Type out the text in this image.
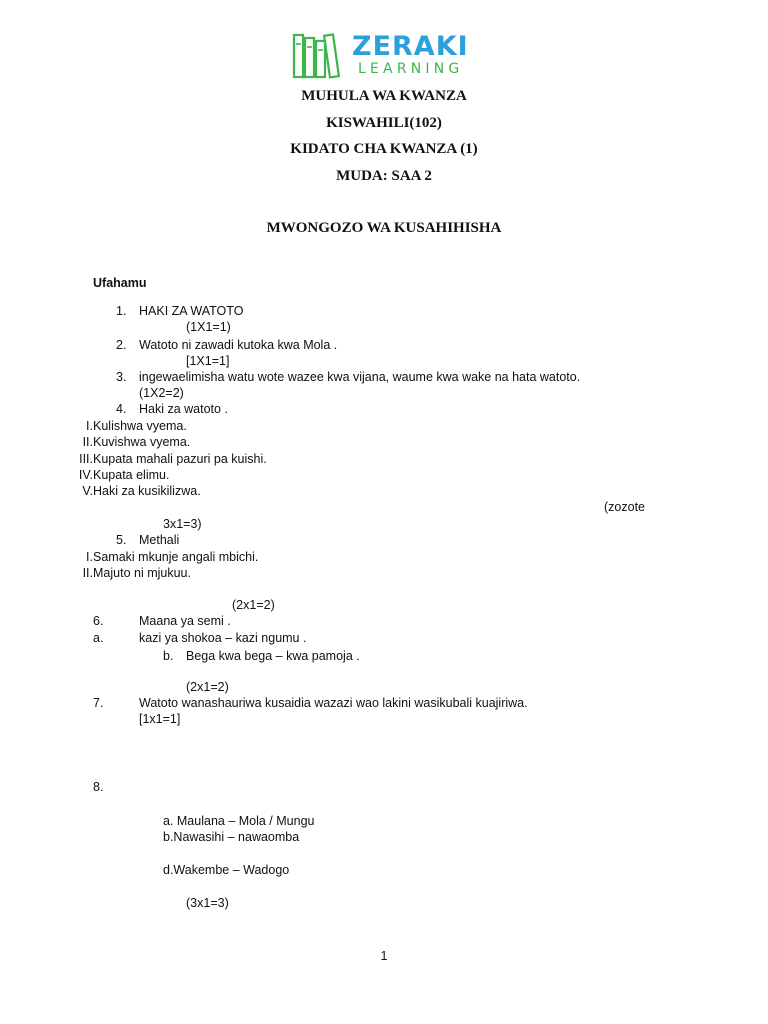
ZERAKI
LEARNING
MUHULA WA KWANZA
KISWAHILI(102)
KIDATO CHA KWANZA (1)
MUDA: SAA 2
MWONGOZO WA KUSAHIHISHA
Ufahamu
1. HAKI ZA WATOTO
(1X1=1)
2. Watoto ni zawadi kutoka kwa Mola .
[1X1=1]
3. ingewaelimisha watu wote wazee kwa vijana, waume kwa wake na hata watoto.
(1X2=2)
4. Haki za watoto .
I. Kulishwa vyema.
II. Kuvishwa vyema.
III. Kupata mahali pazuri pa kuishi.
IV. Kupata elimu.
V. Haki za kusikilizwa.
(zozote
3x1=3)
5. Methali
I. Samaki mkunje angali mbichi.
II. Majuto ni mjukuu.
(2x1=2)
6.	Maana ya semi .
a.	kazi ya shokoa – kazi ngumu .
b. Bega kwa bega – kwa pamoja .
(2x1=2)
7.	Watoto wanashauriwa kusaidia wazazi wao lakini wasikubali kuajiriwa.
[1x1=1]
8.
a. Maulana – Mola / Mungu
b.Nawasihi – nawaomba
d.Wakembe – Wadogo
(3x1=3)
1
